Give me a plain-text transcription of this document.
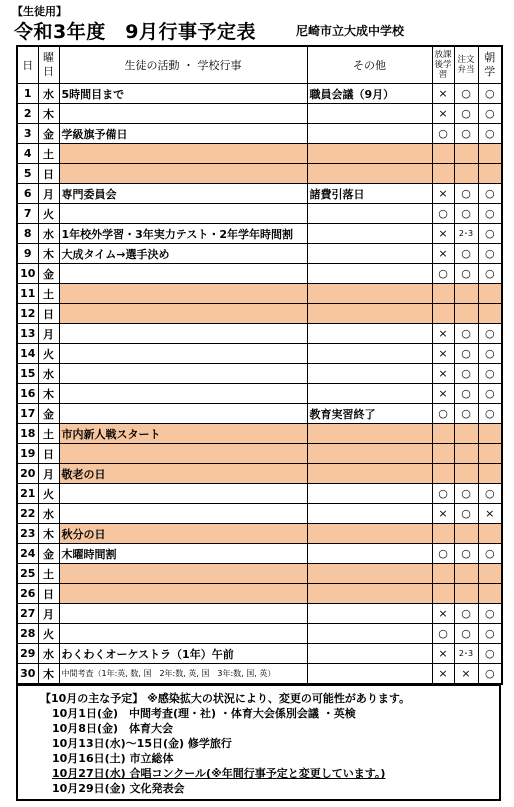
【生徒用】
令和3年度　9月行事予定表	尼崎市立大成中学校
日	曜日	生徒の活動 ・ 学校行事	その他	放課後学習	注文弁当	朝学
1	水	5時間目まで	職員会議（9月）	×	○	○
2	木			×	○	○
3	金	学級旗予備日		○	○	○
4	土					
5	日					
6	月	専門委員会	諸費引落日	×	○	○
7	火			○	○	○
8	水	1年校外学習・3年実力テスト・2年学年時間割		×	2･3	○
9	木	大成タイム→選手決め		×	○	○
10	金			○	○	○
11	土					
12	日					
13	月			×	○	○
14	火			×	○	○
15	水			×	○	○
16	木			×	○	○
17	金		教育実習終了	○	○	○
18	土	市内新人戦スタート				
19	日					
20	月	敬老の日				
21	火			○	○	○
22	水			×	○	×
23	木	秋分の日				
24	金	木曜時間割		○	○	○
25	土					
26	日					
27	月			×	○	○
28	火			○	○	○
29	水	わくわくオーケストラ（1年）午前		×	2･3	○
30	木	中間考査（1年:英, 数, 国　2年:数, 英, 国　3年:数, 国, 英）		×	×	○
【10月の主な予定】 ※感染拡大の状況により、変更の可能性があります。
10月1日(金)　中間考査(理・社) ・体育大会係別会議 ・英検
10月8日(金)　体育大会
10月13日(水)～15日(金) 修学旅行
10月16日(土) 市立総体
10月27日(水) 合唱コンクール(※年間行事予定と変更しています。)
10月29日(金) 文化発表会
